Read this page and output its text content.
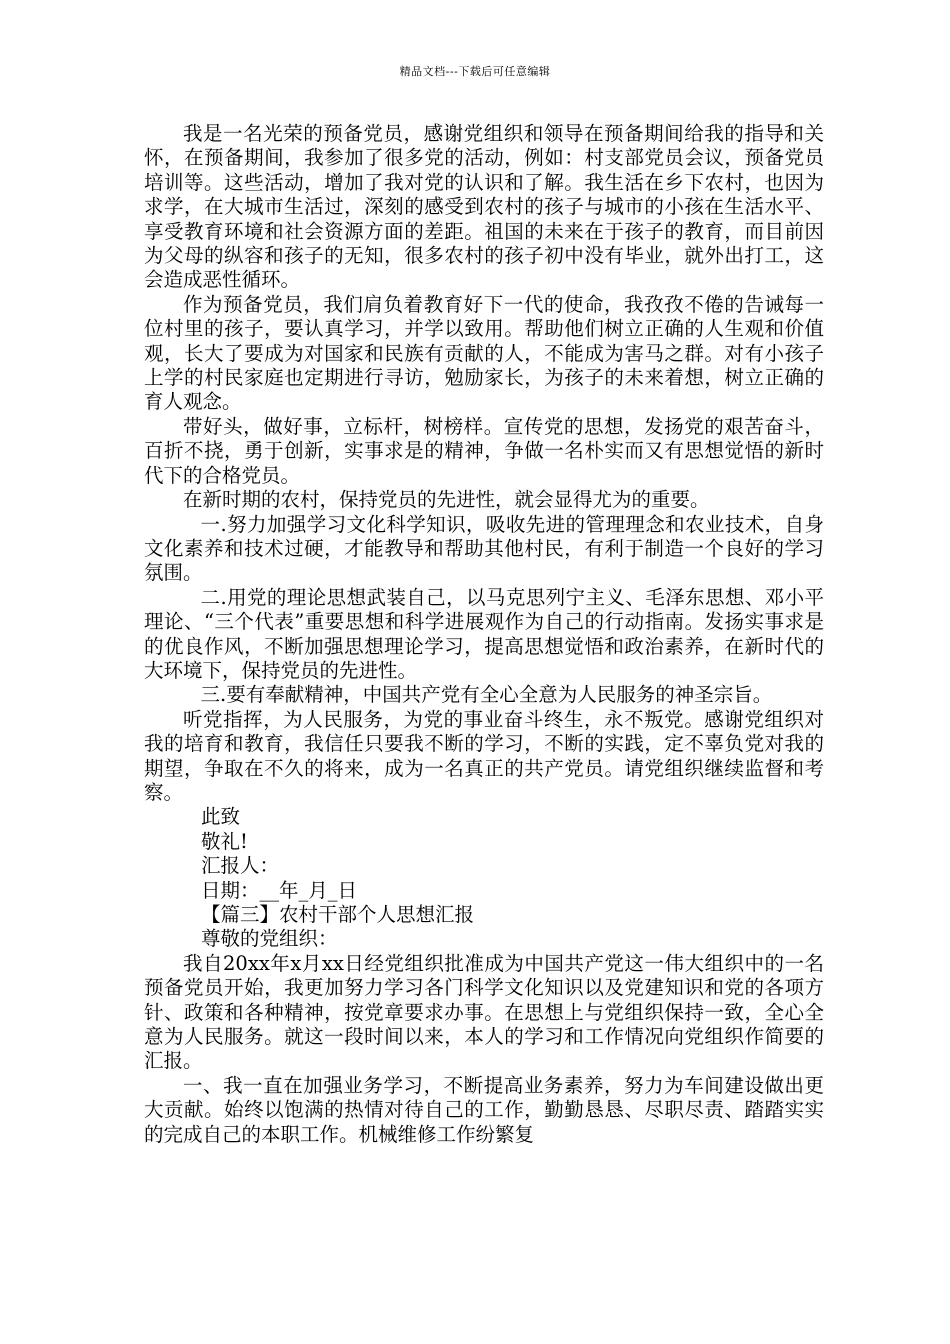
精品文档---下载后可任意编辑

我是一名光荣的预备党员，感谢党组织和领导在预备期间给我的指导和关怀，在预备期间，我参加了很多党的活动，例如：村支部党员会议，预备党员培训等。这些活动，增加了我对党的认识和了解。我生活在乡下农村，也因为求学，在大城市生活过，深刻的感受到农村的孩子与城市的小孩在生活水平、享受教育环境和社会资源方面的差距。祖国的未来在于孩子的教育，而目前因为父母的纵容和孩子的无知，很多农村的孩子初中没有毕业，就外出打工，这会造成恶性循环。

作为预备党员，我们肩负着教育好下一代的使命，我孜孜不倦的告诫每一位村里的孩子，要认真学习，并学以致用。帮助他们树立正确的人生观和价值观，长大了要成为对国家和民族有贡献的人，不能成为害马之群。对有小孩子上学的村民家庭也定期进行寻访，勉励家长，为孩子的未来着想，树立正确的育人观念。

带好头，做好事，立标杆，树榜样。宣传党的思想，发扬党的艰苦奋斗，百折不挠，勇于创新，实事求是的精神，争做一名朴实而又有思想觉悟的新时代下的合格党员。

在新时期的农村，保持党员的先进性，就会显得尤为的重要。

一.努力加强学习文化科学知识，吸收先进的管理理念和农业技术，自身文化素养和技术过硬，才能教导和帮助其他村民，有利于制造一个良好的学习氛围。

二.用党的理论思想武装自己，以马克思列宁主义、毛泽东思想、邓小平理论、“三个代表”重要思想和科学进展观作为自己的行动指南。发扬实事求是的优良作风，不断加强思想理论学习，提高思想觉悟和政治素养，在新时代的大环境下，保持党员的先进性。

三.要有奉献精神，中国共产党有全心全意为人民服务的神圣宗旨。

听党指挥，为人民服务，为党的事业奋斗终生，永不叛党。感谢党组织对我的培育和教育，我信任只要我不断的学习，不断的实践，定不辜负党对我的期望，争取在不久的将来，成为一名真正的共产党员。请党组织继续监督和考察。

此致

敬礼!

汇报人：

日期：__年_月_日

【篇三】农村干部个人思想汇报

尊敬的党组织：

我自20xx年x月xx日经党组织批准成为中国共产党这一伟大组织中的一名预备党员开始，我更加努力学习各门科学文化知识以及党建知识和党的各项方针、政策和各种精神，按党章要求办事。在思想上与党组织保持一致，全心全意为人民服务。就这一段时间以来，本人的学习和工作情况向党组织作简要的汇报。

一、我一直在加强业务学习，不断提高业务素养，努力为车间建设做出更大贡献。始终以饱满的热情对待自己的工作，勤勤恳恳、尽职尽责、踏踏实实的完成自己的本职工作。机械维修工作纷繁复
